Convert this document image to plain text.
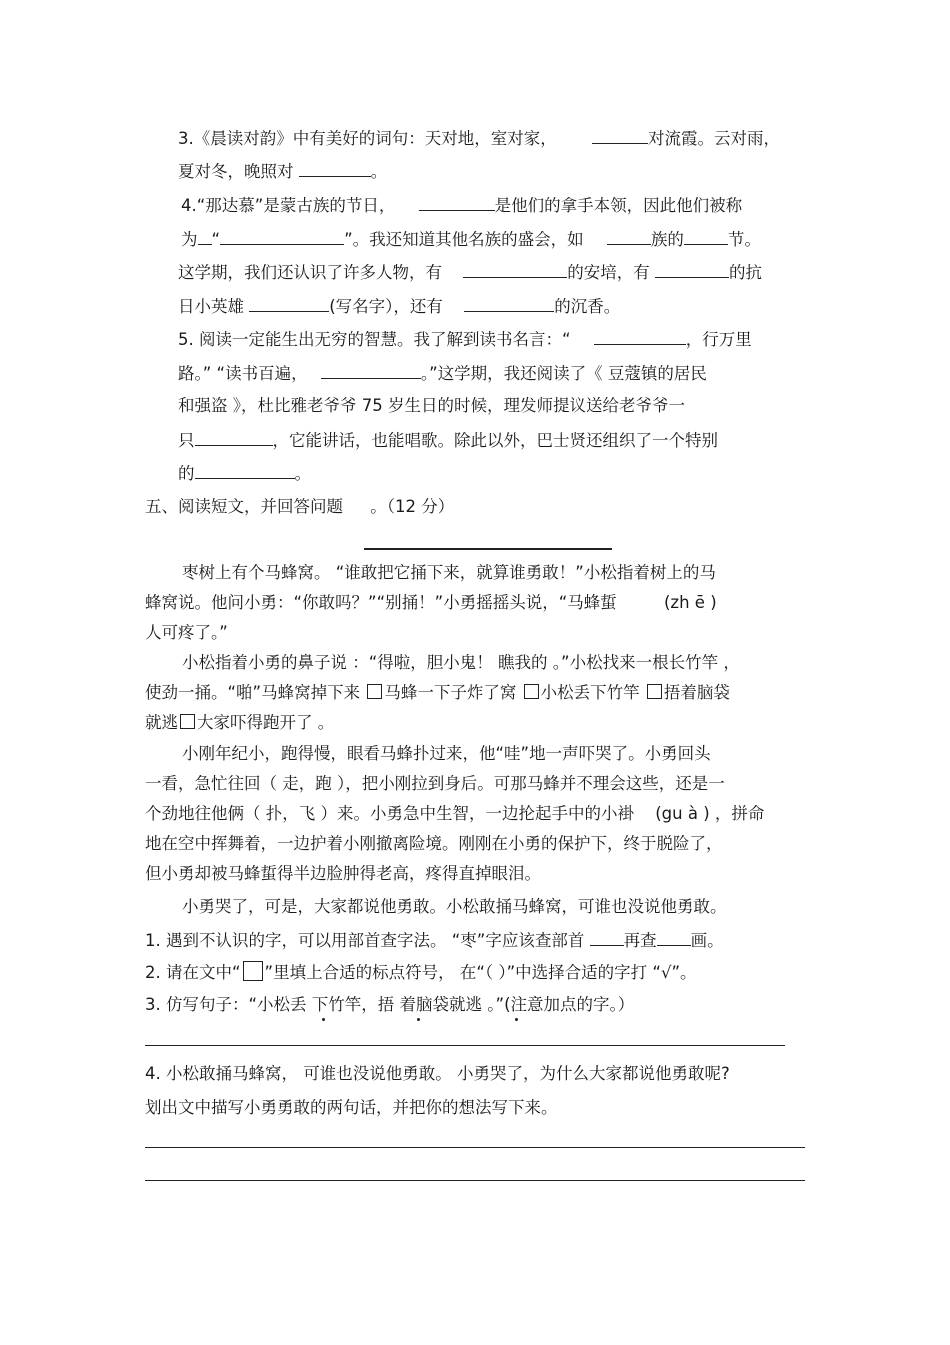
3.《晨读对韵》中有美好的词句：天对地，室对家，	对流霞。云对雨，
夏对冬，晚照对	。
4.“那达慕”是蒙古族的节日，	是他们的拿手本领，因此他们被称
为 “	”。我还知道其他名族的盛会，如	族的	节。
这学期，我们还认识了许多人物，有	的安培，有	的抗
日小英雄	(写名字），还有	的沉香。
5. 阅读一定能生出无穷的智慧。我了解到读书名言：“	，行万里
路。” “读书百遍，	。”这学期，我还阅读了《 豆蔻镇的居民
和强盗 》，杜比雅老爷爷 75 岁生日的时候，理发师提议送给老爷爷一
只	，它能讲话，也能唱歌。除此以外，巴士贤还组织了一个特别
的	。
五、阅读短文，并回答问题 。（12 分）
枣树上有个马蜂窝。 “谁敢把它捅下来，就算谁勇敢！”小松指着树上的马
蜂窝说。他问小勇：“你敢吗？”“别捅！”小勇摇摇头说，“马蜂蜇	(zh ē )
人可疼了。”
小松指着小勇的鼻子说 ：“得啦，胆小鬼！ 瞧我的 。”小松找来一根长竹竿 ，
使劲一捅。“啪”马蜂窝掉下来 马蜂一下子炸了窝 小松丢下竹竿 捂着脑袋
就逃 大家吓得跑开了 。
小刚年纪小，跑得慢，眼看马蜂扑过来，他“哇”地一声吓哭了。小勇回头
一看，急忙往回（ 走，跑 ），把小刚拉到身后。可那马蜂并不理会这些，还是一
个劲地往他俩（ 扑，飞 ）来。小勇急中生智，一边抡起手中的小褂 (gu à ) ，拼命
地在空中挥舞着，一边护着小刚撤离险境。刚刚在小勇的保护下，终于脱险了，
但小勇却被马蜂蜇得半边脸肿得老高，疼得直掉眼泪。
小勇哭了，可是，大家都说他勇敢。小松敢捅马蜂窝，可谁也没说他勇敢。
1. 遇到不认识的字，可以用部首查字法。 “枣”字应该查部首 再查 画。
2. 请在文中“ ”里填上合适的标点符号， 在“（ ）”中选择合适的字打 “√”。
3. 仿写句子：“小松丢 下竹竿，捂 着脑袋就逃 。”(注意加点的字。）
4. 小松敢捅马蜂窝， 可谁也没说他勇敢。 小勇哭了，为什么大家都说他勇敢呢?
划出文中描写小勇勇敢的两句话，并把你的想法写下来。
